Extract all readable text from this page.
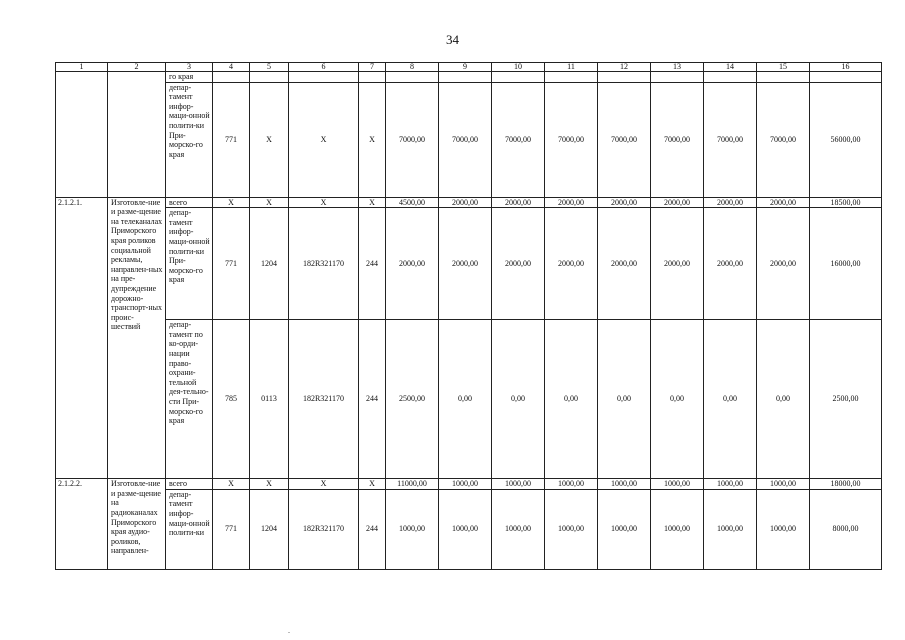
34
1	2	3	4	5	6	7	8	9	10	11	12	13	14	15	16
		го края													
		депар-тамент инфор-маци-онной полити-ки При-морско-го края	771	X	X	X	7000,00	7000,00	7000,00	7000,00	7000,00	7000,00	7000,00	7000,00	56000,00
2.1.2.1.	Изготовле-ние и разме-щение на телеканалах Приморского края роликов социальной рекламы, направлен-ных на пре-дупреждение дорожно-транспорт-ных проис-шествий	всего	X	X	X	X	4500,00	2000,00	2000,00	2000,00	2000,00	2000,00	2000,00	2000,00	18500,00
		депар-тамент инфор-маци-онной полити-ки При-морско-го края	771	1204	182R321170	244	2000,00	2000,00	2000,00	2000,00	2000,00	2000,00	2000,00	2000,00	16000,00
		депар-тамент по ко-орди-нации право-охрани-тельной дея-тельно-сти При-морско-го края	785	0113	182R321170	244	2500,00	0,00	0,00	0,00	0,00	0,00	0,00	0,00	2500,00
2.1.2.2.	Изготовле-ние и разме-щение на радиоканалах Приморского края аудио-роликов, направлен-	всего	X	X	X	X	11000,00	1000,00	1000,00	1000,00	1000,00	1000,00	1000,00	1000,00	18000,00
		депар-тамент инфор-маци-онной полити-ки	771	1204	182R321170	244	1000,00	1000,00	1000,00	1000,00	1000,00	1000,00	1000,00	1000,00	8000,00
